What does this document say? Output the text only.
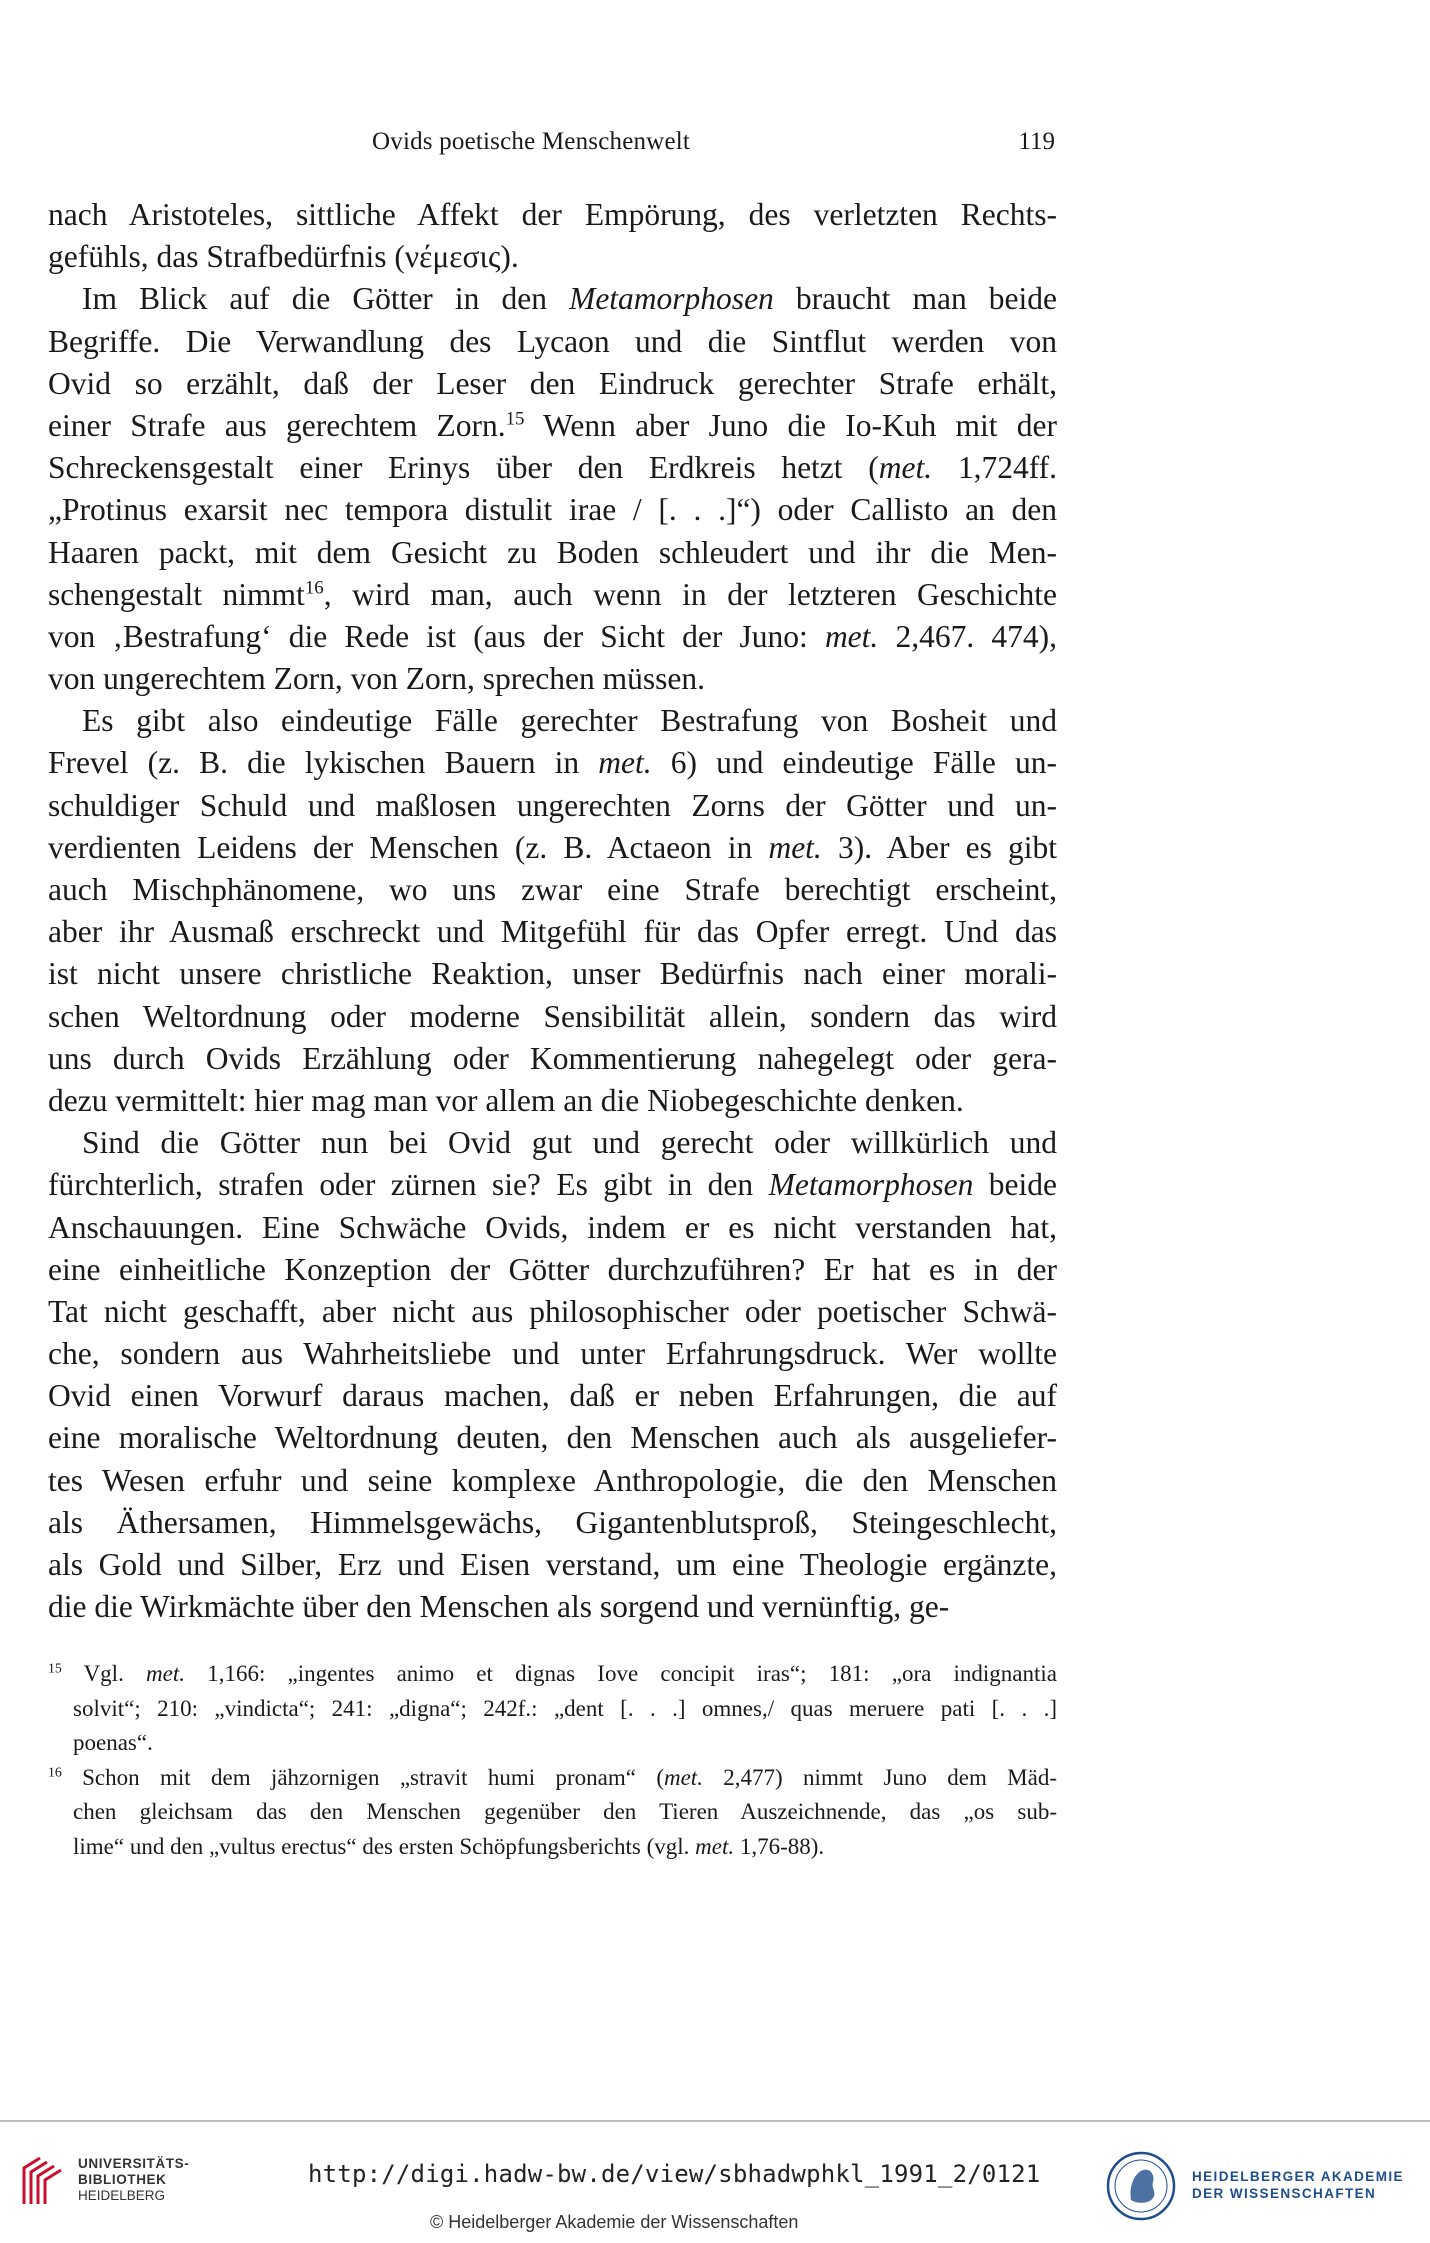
Ovids poetische Menschenwelt	119
nach Aristoteles, sittliche Affekt der Empörung, des verletzten Rechts-
gefühls, das Strafbedürfnis (νέμεσις).
Im Blick auf die Götter in den Metamorphosen braucht man beide
Begriffe. Die Verwandlung des Lycaon und die Sintflut werden von
Ovid so erzählt, daß der Leser den Eindruck gerechter Strafe erhält,
einer Strafe aus gerechtem Zorn.$^{15}$ Wenn aber Juno die Io-Kuh mit der
Schreckensgestalt einer Erinys über den Erdkreis hetzt (met. 1,724ff.
„Protinus exarsit nec tempora distulit irae / [. . .]“) oder Callisto an den
Haaren packt, mit dem Gesicht zu Boden schleudert und ihr die Men-
schengestalt nimmt$^{16}$, wird man, auch wenn in der letzteren Geschichte
von ‚Bestrafung‘ die Rede ist (aus der Sicht der Juno: met. 2,467. 474),
von ungerechtem Zorn, von Zorn, sprechen müssen.
Es gibt also eindeutige Fälle gerechter Bestrafung von Bosheit und
Frevel (z. B. die lykischen Bauern in met. 6) und eindeutige Fälle un-
schuldiger Schuld und maßlosen ungerechten Zorns der Götter und un-
verdienten Leidens der Menschen (z. B. Actaeon in met. 3). Aber es gibt
auch Mischphänomene, wo uns zwar eine Strafe berechtigt erscheint,
aber ihr Ausmaß erschreckt und Mitgefühl für das Opfer erregt. Und das
ist nicht unsere christliche Reaktion, unser Bedürfnis nach einer morali-
schen Weltordnung oder moderne Sensibilität allein, sondern das wird
uns durch Ovids Erzählung oder Kommentierung nahegelegt oder gera-
dezu vermittelt: hier mag man vor allem an die Niobegeschichte denken.
Sind die Götter nun bei Ovid gut und gerecht oder willkürlich und
fürchterlich, strafen oder zürnen sie? Es gibt in den Metamorphosen beide
Anschauungen. Eine Schwäche Ovids, indem er es nicht verstanden hat,
eine einheitliche Konzeption der Götter durchzuführen? Er hat es in der
Tat nicht geschafft, aber nicht aus philosophischer oder poetischer Schwä-
che, sondern aus Wahrheitsliebe und unter Erfahrungsdruck. Wer wollte
Ovid einen Vorwurf daraus machen, daß er neben Erfahrungen, die auf
eine moralische Weltordnung deuten, den Menschen auch als ausgeliefer-
tes Wesen erfuhr und seine komplexe Anthropologie, die den Menschen
als Äthersamen, Himmelsgewächs, Gigantenblutsproß, Steingeschlecht,
als Gold und Silber, Erz und Eisen verstand, um eine Theologie ergänzte,
die die Wirkmächte über den Menschen als sorgend und vernünftig, ge-
$^{15}$ Vgl. met. 1,166: „ingentes animo et dignas Iove concipit iras“; 181: „ora indignantia
solvit“; 210: „vindicta“; 241: „digna“; 242f.: „dent [. . .] omnes,/ quas meruere pati [. . .]
poenas“.
$^{16}$ Schon mit dem jähzornigen „stravit humi pronam“ (met. 2,477) nimmt Juno dem Mäd-
chen gleichsam das den Menschen gegenüber den Tieren Auszeichnende, das „os sub-
lime“ und den „vultus erectus“ des ersten Schöpfungsberichts (vgl. met. 1,76-88).
UNIVERSITÄTS-
BIBLIOTHEK
HEIDELBERG
http://digi.hadw-bw.de/view/sbhadwphkl_1991_2/0121
© Heidelberger Akademie der Wissenschaften
HEIDELBERGER AKADEMIE
DER WISSENSCHAFTEN
